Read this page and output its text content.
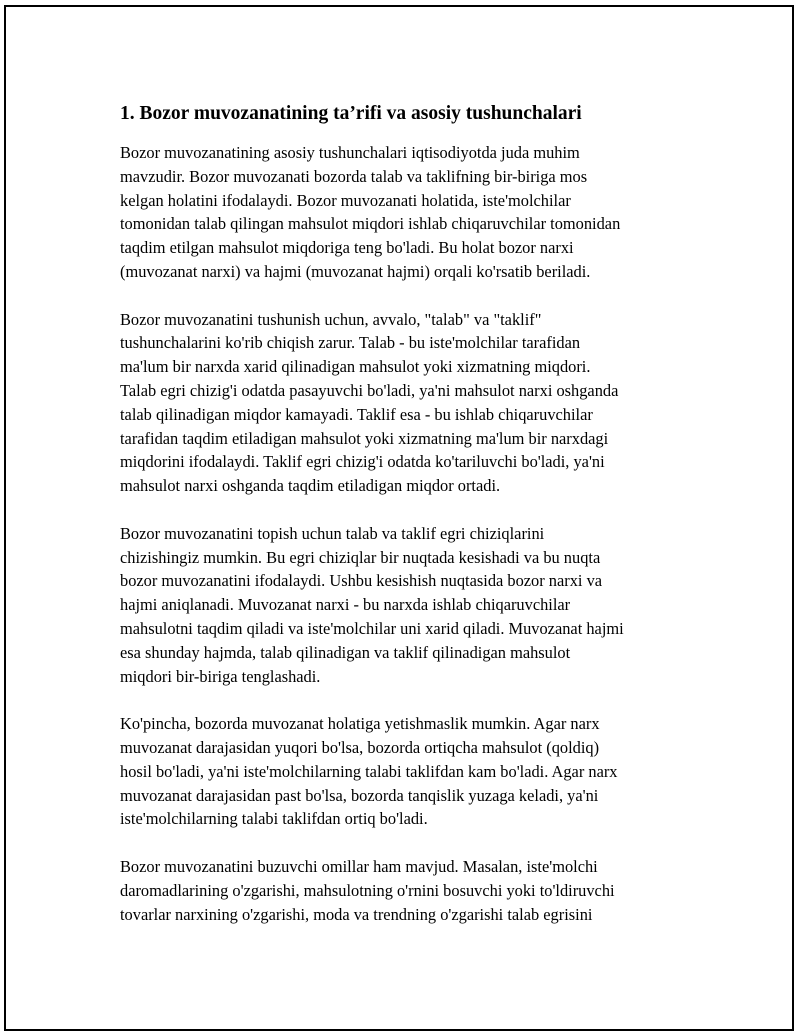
1. Bozor muvozanatining ta’rifi va asosiy tushunchalari

Bozor muvozanatining asosiy tushunchalari iqtisodiyotda juda muhim
mavzudir. Bozor muvozanati bozorda talab va taklifning bir-biriga mos
kelgan holatini ifodalaydi. Bozor muvozanati holatida, iste'molchilar
tomonidan talab qilingan mahsulot miqdori ishlab chiqaruvchilar tomonidan
taqdim etilgan mahsulot miqdoriga teng bo'ladi. Bu holat bozor narxi
(muvozanat narxi) va hajmi (muvozanat hajmi) orqali ko'rsatib beriladi.

Bozor muvozanatini tushunish uchun, avvalo, "talab" va "taklif"
tushunchalarini ko'rib chiqish zarur. Talab - bu iste'molchilar tarafidan
ma'lum bir narxda xarid qilinadigan mahsulot yoki xizmatning miqdori.
Talab egri chizig'i odatda pasayuvchi bo'ladi, ya'ni mahsulot narxi oshganda
talab qilinadigan miqdor kamayadi. Taklif esa - bu ishlab chiqaruvchilar
tarafidan taqdim etiladigan mahsulot yoki xizmatning ma'lum bir narxdagi
miqdorini ifodalaydi. Taklif egri chizig'i odatda ko'tariluvchi bo'ladi, ya'ni
mahsulot narxi oshganda taqdim etiladigan miqdor ortadi.

Bozor muvozanatini topish uchun talab va taklif egri chiziqlarini
chizishingiz mumkin. Bu egri chiziqlar bir nuqtada kesishadi va bu nuqta
bozor muvozanatini ifodalaydi. Ushbu kesishish nuqtasida bozor narxi va
hajmi aniqlanadi. Muvozanat narxi - bu narxda ishlab chiqaruvchilar
mahsulotni taqdim qiladi va iste'molchilar uni xarid qiladi. Muvozanat hajmi
esa shunday hajmda, talab qilinadigan va taklif qilinadigan mahsulot
miqdori bir-biriga tenglashadi.

Ko'pincha, bozorda muvozanat holatiga yetishmaslik mumkin. Agar narx
muvozanat darajasidan yuqori bo'lsa, bozorda ortiqcha mahsulot (qoldiq)
hosil bo'ladi, ya'ni iste'molchilarning talabi taklifdan kam bo'ladi. Agar narx
muvozanat darajasidan past bo'lsa, bozorda tanqislik yuzaga keladi, ya'ni
iste'molchilarning talabi taklifdan ortiq bo'ladi.

Bozor muvozanatini buzuvchi omillar ham mavjud. Masalan, iste'molchi
daromadlarining o'zgarishi, mahsulotning o'rnini bosuvchi yoki to'ldiruvchi
tovarlar narxining o'zgarishi, moda va trendning o'zgarishi talab egrisini
